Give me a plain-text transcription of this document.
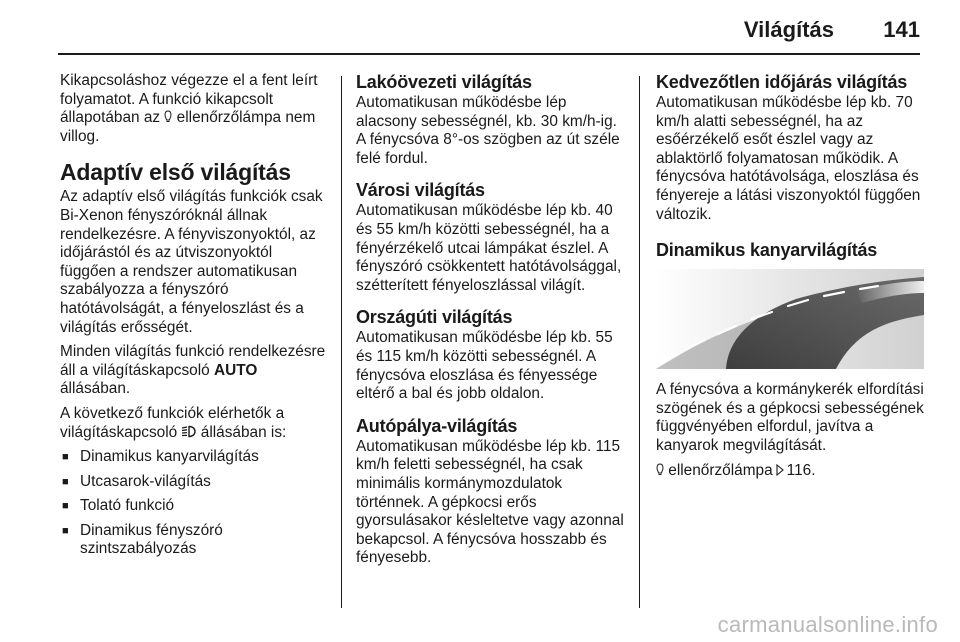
Világítás 141

Kikapcsoláshoz végezze el a fent leírt folyamatot. A funkció kikapcsolt állapotában az  ellenőrzőlámpa nem villog.

Adaptív első világítás

Az adaptív első világítás funkciók csak Bi-Xenon fényszóróknál állnak rendelkezésre. A fényviszonyoktól, az időjárástól és az útviszonyoktól függően a rendszer automatikusan szabályozza a fényszóró hatótávolságát, a fényeloszlást és a világítás erősségét.

Minden világítás funkció rendelkezésre áll a világításkapcsoló AUTO állásában.

A következő funkciók elérhetők a világításkapcsoló  állásában is:

■ Dinamikus kanyarvilágítás
■ Utcasarok-világítás
■ Tolató funkció
■ Dinamikus fényszóró szintszabályozás
Lakóövezeti világítás

Automatikusan működésbe lép alacsony sebességnél, kb. 30 km/h-ig. A fénycsóva 8°-os szögben az út széle felé fordul.

Városi világítás

Automatikusan működésbe lép kb. 40 és 55 km/h közötti sebességnél, ha a fényérzékelő utcai lámpákat észlel. A fényszóró csökkentett hatótávolsággal, szétterített fényeloszlással világít.

Országúti világítás

Automatikusan működésbe lép kb. 55 és 115 km/h közötti sebességnél. A fénycsóva eloszlása és fényessége eltérő a bal és jobb oldalon.

Autópálya-világítás

Automatikusan működésbe lép kb. 115 km/h feletti sebességnél, ha csak minimális kormánymozdulatok történnek. A gépkocsi erős gyorsulásakor késleltetve vagy azonnal bekapcsol. A fénycsóva hosszabb és fényesebb.

Kedvezőtlen időjárás világítás

Automatikusan működésbe lép kb. 70 km/h alatti sebességnél, ha az esőérzékelő esőt észlel vagy az ablaktörlő folyamatosan működik. A fénycsóva hatótávolsága, eloszlása és fényereje a látási viszonyoktól függően változik.

Dinamikus kanyarvilágítás

A fénycsóva a kormánykerék elfordítási szögének és a gépkocsi sebességének függvényében elfordul, javítva a kanyarok megvilágítását.

ellenőrzőlámpa 116.

carmanualsonline.info
